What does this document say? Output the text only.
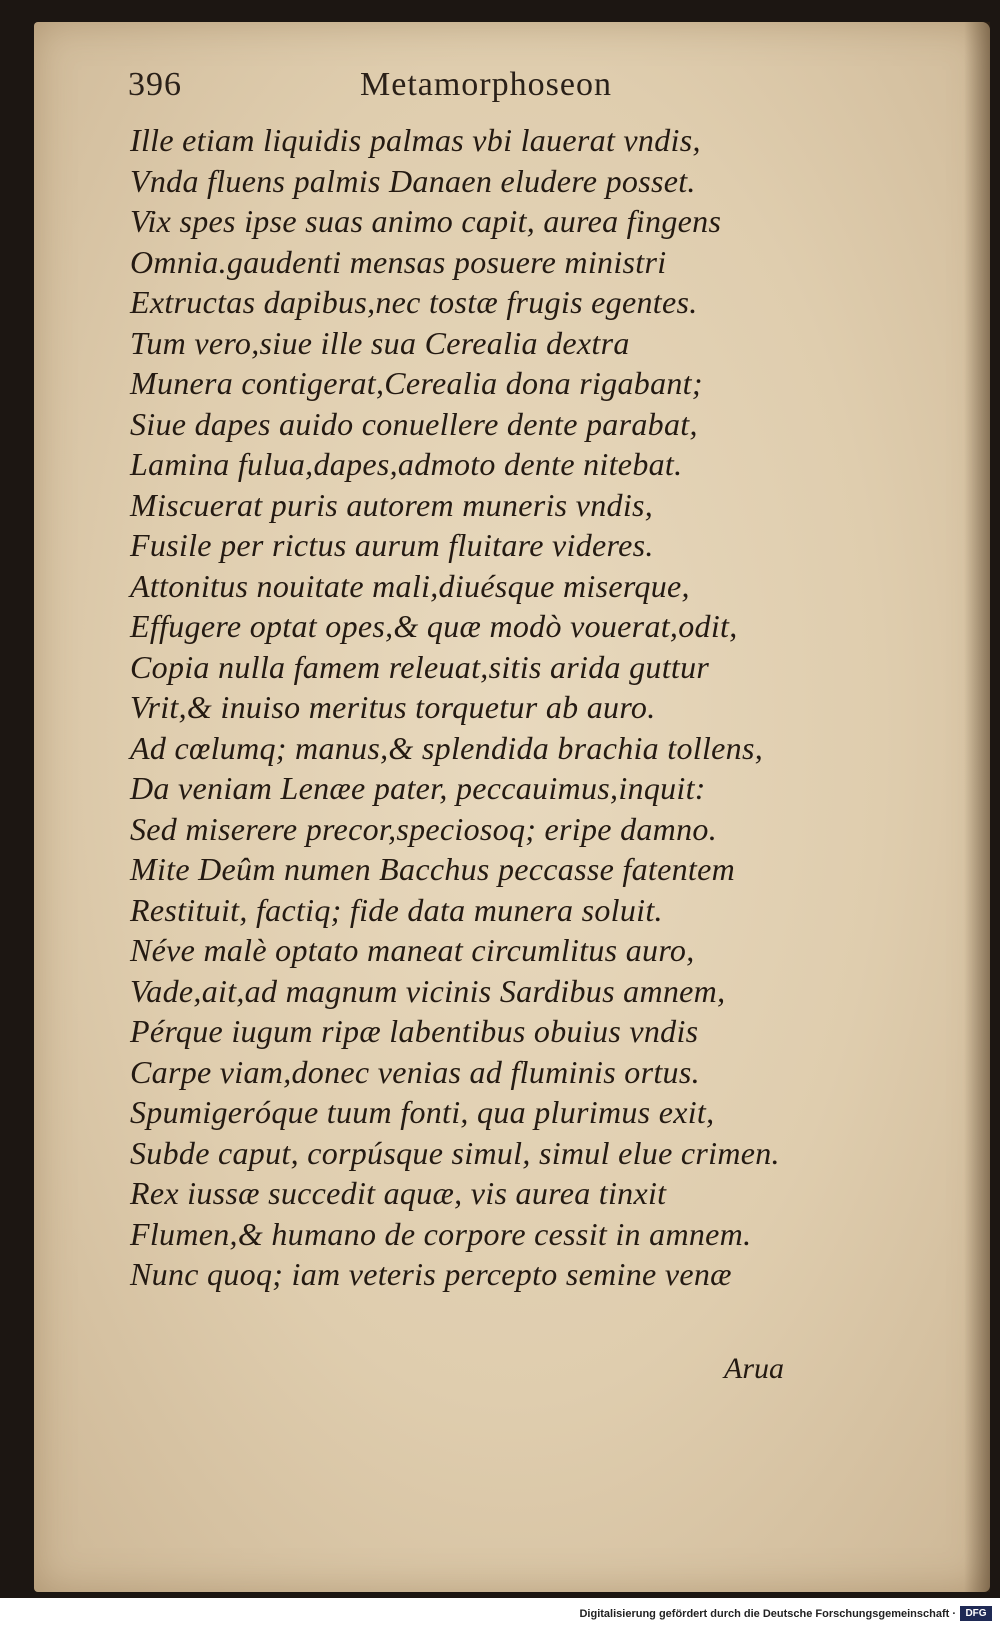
396	Metamorphoseon
Ille etiam liquidis palmas vbi lauerat vndis,
Vnda fluens palmis Danaen eludere posset.
Vix spes ipse suas animo capit, aurea fingens
Omnia.gaudenti mensas posuere ministri
Extructas dapibus,nec tostæ frugis egentes.
Tum vero,siue ille sua Cerealia dextra
Munera contigerat,Cerealia dona rigabant;
Siue dapes auido conuellere dente parabat,
Lamina fulua,dapes,admoto dente nitebat.
Miscuerat puris autorem muneris vndis,
Fusile per rictus aurum fluitare videres.
Attonitus nouitate mali,diuésque miserque,
Effugere optat opes,& quæ modò vouerat,odit,
Copia nulla famem releuat,sitis arida guttur
Vrit,& inuiso meritus torquetur ab auro.
Ad cœlumq; manus,& splendida brachia tollens,
Da veniam Lenæe pater, peccauimus,inquit:
Sed miserere precor,speciosoq; eripe damno.
Mite Deûm numen Bacchus peccasse fatentem
Restituit, factiq; fide data munera soluit.
Néve malè optato maneat circumlitus auro,
Vade,ait,ad magnum vicinis Sardibus amnem,
Pérque iugum ripæ labentibus obuius vndis
Carpe viam,donec venias ad fluminis ortus.
Spumigeróque tuum fonti, qua plurimus exit,
Subde caput, corpúsque simul, simul elue crimen.
Rex iussæ succedit aquæ, vis aurea tinxit
Flumen,& humano de corpore cessit in amnem.
Nunc quoq; iam veteris percepto semine venæ
Arua
Digitalisierung gefördert durch die Deutsche Forschungsgemeinschaft · DFG
